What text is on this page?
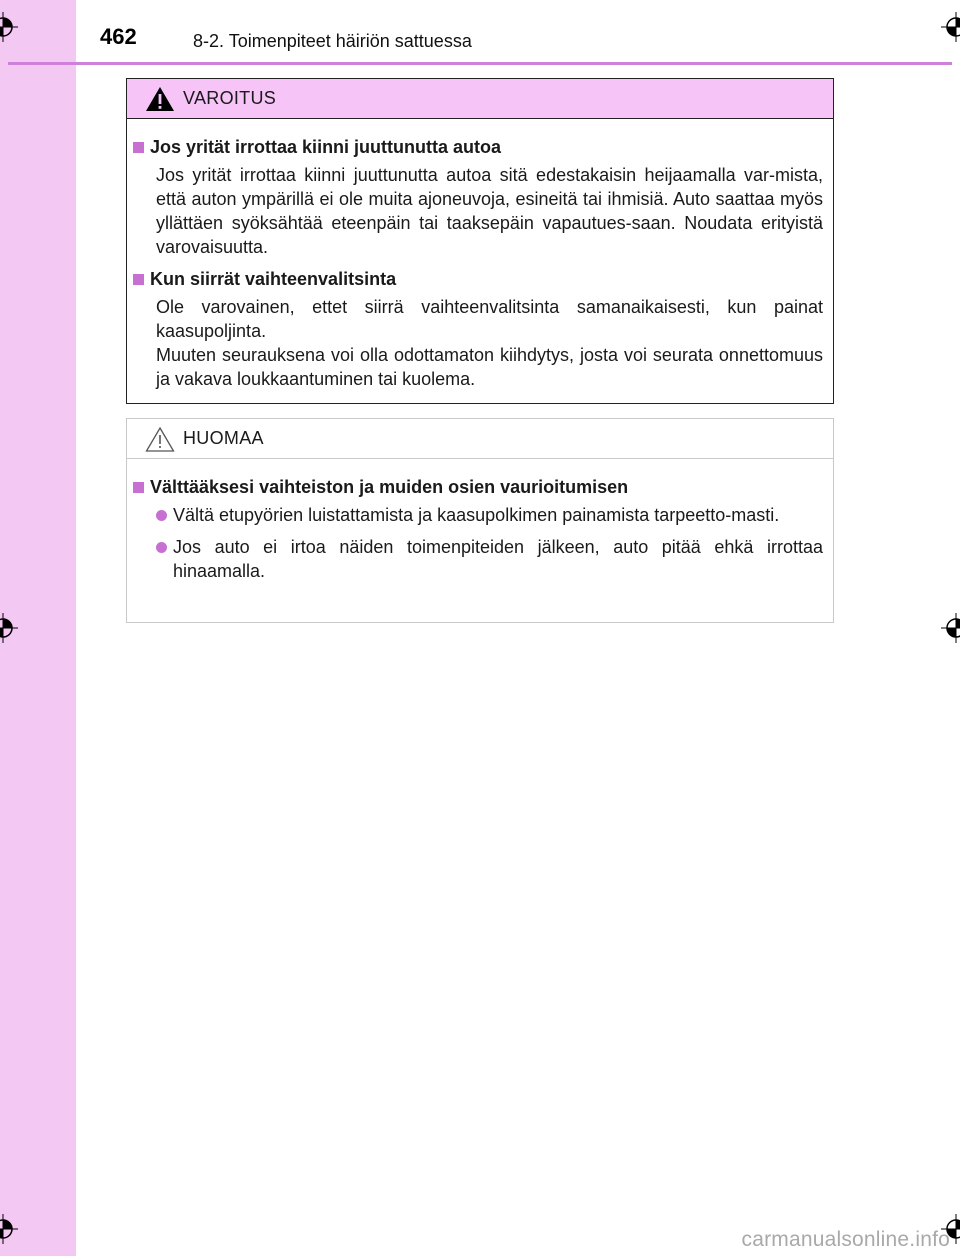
462	8-2. Toimenpiteet häiriön sattuessa
VAROITUS
Jos yrität irrottaa kiinni juuttunutta autoa

Jos yrität irrottaa kiinni juuttunutta autoa sitä edestakaisin heijaamalla var-mista, että auton ympärillä ei ole muita ajoneuvoja, esineitä tai ihmisiä. Auto saattaa myös yllättäen syöksähtää eteenpäin tai taaksepäin vapautues-saan. Noudata erityistä varovaisuutta.

Kun siirrät vaihteenvalitsinta

Ole varovainen, ettet siirrä vaihteenvalitsinta samanaikaisesti, kun painat kaasupoljinta.

Muuten seurauksena voi olla odottamaton kiihdytys, josta voi seurata onnettomuus ja vakava loukkaantuminen tai kuolema.

HUOMAA
Välttääksesi vaihteiston ja muiden osien vaurioitumisen
Vältä etupyörien luistattamista ja kaasupolkimen painamista tarpeetto-masti.
Jos auto ei irtoa näiden toimenpiteiden jälkeen, auto pitää ehkä irrottaa hinaamalla.
carmanualsonline.info
